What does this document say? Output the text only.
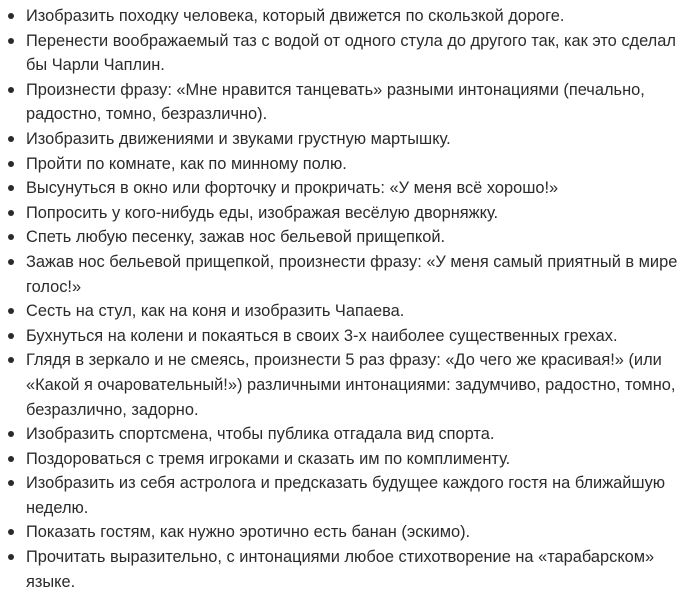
Изобразить походку человека, который движется по скользкой дороге.
Перенести воображаемый таз с водой от одного стула до другого так, как это сделал бы Чарли Чаплин.
Произнести фразу: «Мне нравится танцевать» разными интонациями (печально, радостно, томно, безразлично).
Изобразить движениями и звуками грустную мартышку.
Пройти по комнате, как по минному полю.
Высунуться в окно или форточку и прокричать: «У меня всё хорошо!»
Попросить у кого-нибудь еды, изображая весёлую дворняжку.
Спеть любую песенку, зажав нос бельевой прищепкой.
Зажав нос бельевой прищепкой, произнести фразу: «У меня самый приятный в мире голос!»
Сесть на стул, как на коня и изобразить Чапаева.
Бухнуться на колени и покаяться в своих 3-х наиболее существенных грехах.
Глядя в зеркало и не смеясь, произнести 5 раз фразу: «До чего же красивая!» (или «Какой я очаровательный!») различными интонациями: задумчиво, радостно, томно, безразлично, задорно.
Изобразить спортсмена, чтобы публика отгадала вид спорта.
Поздороваться с тремя игроками и сказать им по комплименту.
Изобразить из себя астролога и предсказать будущее каждого гостя на ближайшую неделю.
Показать гостям, как нужно эротично есть банан (эскимо).
Прочитать выразительно, с интонациями любое стихотворение на «тарабарском» языке.
